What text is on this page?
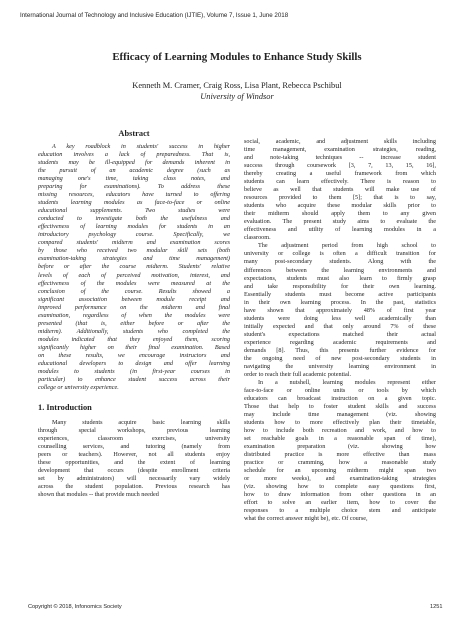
International Journal of Technology and Inclusive Education (IJTIE), Volume 7, Issue 1, June 2018
Efficacy of Learning Modules to Enhance Study Skills
Kenneth M. Cramer, Craig Ross, Lisa Plant, Rebecca Pschibul
University of Windsor
Abstract
A key roadblock in students' success in higher
education involves a lack of preparedness. That is,
students may be ill-equipped for demands inherent in
the pursuit of an academic degree (such as
managing one's time, taking class notes, and
preparing for examinations). To address these
missing resources, educators have turned to offering
students learning modules as face-to-face or online
educational supplements. Two studies were
conducted to investigate both the usefulness and
effectiveness of learning modules for students in an
introductory psychology course. Specifically, we
compared students' midterm and examination scores
by those who received two modular skill sets (both
examination-taking strategies and time management)
before or after the course midterm. Students' relative
levels of each of perceived motivation, interest, and
effectiveness of the modules were measured at the
conclusion of the course. Results showed a
significant association between module receipt and
improved performance on the midterm and final
examination, regardless of when the modules were
presented (that is, either before or after the
midterm). Additionally, students who completed the
modules indicated that they enjoyed them, scoring
significantly higher on their final examination. Based
on these results, we encourage instructors and
educational developers to design and offer learning
modules to students (in first-year courses in
particular) to enhance student success across their
college or university experience.
1. Introduction
Many students acquire basic learning skills
through special workshops, previous learning
experiences, classroom exercises, university
counselling services, and tutoring (namely from
peers or teachers). However, not all students enjoy
these opportunities, and the extent of learning
development that occurs (despite enrollment criteria
set by administrators) will necessarily vary widely
across the student population. Previous research has
shown that modules -- that provide much needed
social, academic, and adjustment skills including
time management, examination strategies, reading,
and note-taking techniques -- increase student
success through coursework [3, 7, 13, 15, 16],
thereby creating a useful framework from which
students can learn effectively. There is reason to
believe as well that students will make use of
resources provided to them [5]; that is to say,
students who acquire these modular skills prior to
their midterm should apply them to any given
evaluation. The present study aims to evaluate the
effectiveness and utility of learning modules in a
classroom.
The adjustment period from high school to
university or college is often a difficult transition for
many post-secondary students. Along with the
differences between the learning environments and
expectations, students must also learn to firmly grasp
and take responsibility for their own learning.
Essentially students must become active participants
in their own learning process. In the past, statistics
have shown that approximately 48% of first year
students were doing less well academically than
initially expected and that only around 7% of these
student's expectations matched their actual
experience regarding academic requirements and
demands [8]. Thus, this presents further evidence for
the ongoing need of new post-secondary students in
navigating the university learning environment in
order to reach their full academic potential.
In a nutshell, learning modules represent either
face-to-face or online units or tools by which
educators can broadcast instruction on a given topic.
Those that help to foster student skills and success
may include time management (viz. showing
students how to more effectively plan their timetable,
how to include both recreation and work, and how to
set reachable goals in a reasonable span of time),
examination preparation (viz. showing how
distributed practice is more effective than mass
practice or cramming, how a reasonable study
schedule for an upcoming midterm might span two
or more weeks), and examination-taking strategies
(viz. showing how to complete easy questions first,
how to draw information from other questions in an
effort to solve an earlier item, how to cover the
responses to a multiple choice stem and anticipate
what the correct answer might be), etc. Of course,
Copyright © 2018, Infonomics Society	1251
